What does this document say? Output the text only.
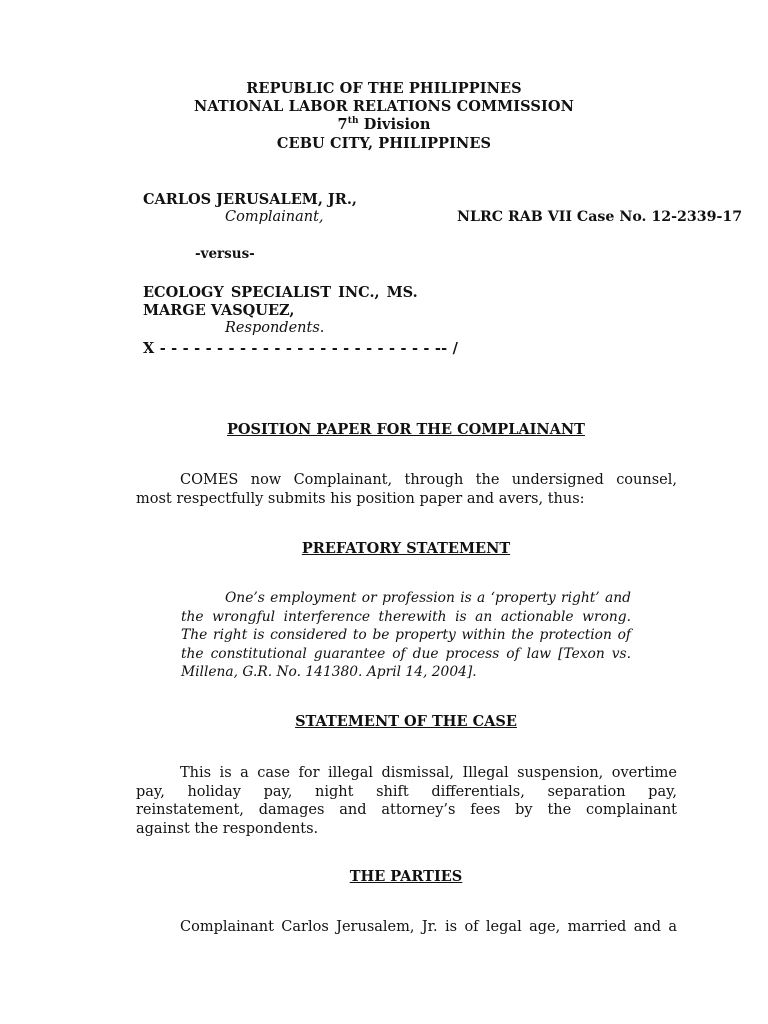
REPUBLIC OF THE PHILIPPINES
NATIONAL LABOR RELATIONS COMMISSION
7th Division
CEBU CITY, PHILIPPINES
CARLOS JERUSALEM, JR.,
Complainant,	NLRC RAB VII Case No. 12-2339-17
-versus-
ECOLOGY SPECIALIST INC., MS.
MARGE VASQUEZ,
Respondents.
X - - - - - - - - - - - - - - - - - - - - - - - - -- /
POSITION PAPER FOR THE COMPLAINANT
COMES now Complainant, through the undersigned counsel,
most respectfully submits his position paper and avers, thus:
PREFATORY STATEMENT
One’s employment or profession is a ‘property right’ and
the wrongful interference therewith is an actionable wrong.
The right is considered to be property within the protection of
the constitutional guarantee of due process of law [Texon vs.
Millena, G.R. No. 141380. April 14, 2004].
STATEMENT OF THE CASE
This is a case for illegal dismissal, Illegal suspension, overtime
pay, holiday pay, night shift differentials, separation pay,
reinstatement, damages and attorney’s fees by the complainant
against the respondents.
THE PARTIES
Complainant Carlos Jerusalem, Jr. is of legal age, married and a
